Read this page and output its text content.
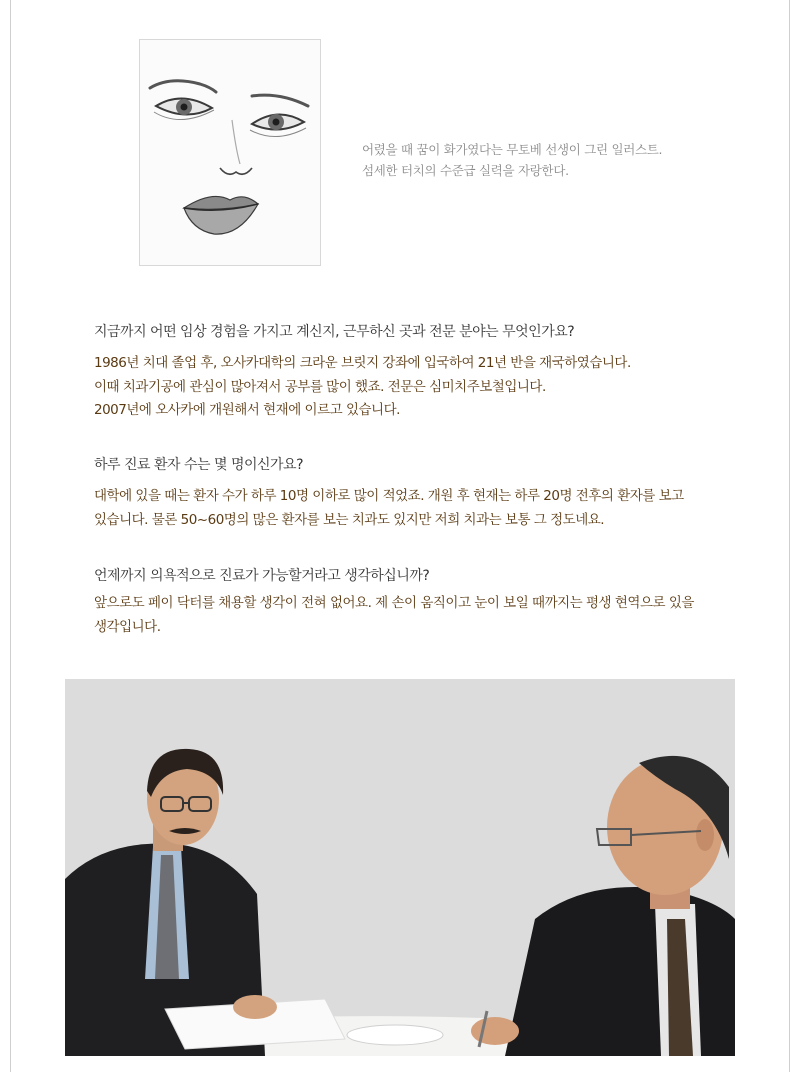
어렸을 때 꿈이 화가였다는 무토베 선생이 그린 일러스트.
섬세한 터치의 수준급 실력을 자랑한다.
지금까지 어떤 임상 경험을 가지고 계신지, 근무하신 곳과 전문 분야는 무엇인가요?
1986년 치대 졸업 후, 오사카대학의 크라운 브릿지 강좌에 입국하여 21년 반을 재국하였습니다.
이때 치과기공에 관심이 많아져서 공부를 많이 했죠. 전문은 심미치주보철입니다.
2007년에 오사카에 개원해서 현재에 이르고 있습니다.
하루 진료 환자 수는 몇 명이신가요?
대학에 있을 때는 환자 수가 하루 10명 이하로 많이 적었죠. 개원 후 현재는 하루 20명 전후의 환자를 보고
있습니다. 물론 50~60명의 많은 환자를 보는 치과도 있지만 저희 치과는 보통 그 정도네요.
언제까지 의욕적으로 진료가 가능할거라고 생각하십니까?
앞으로도 페이 닥터를 채용할 생각이 전혀 없어요. 제 손이 움직이고 눈이 보일 때까지는 평생 현역으로 있을
생각입니다.
